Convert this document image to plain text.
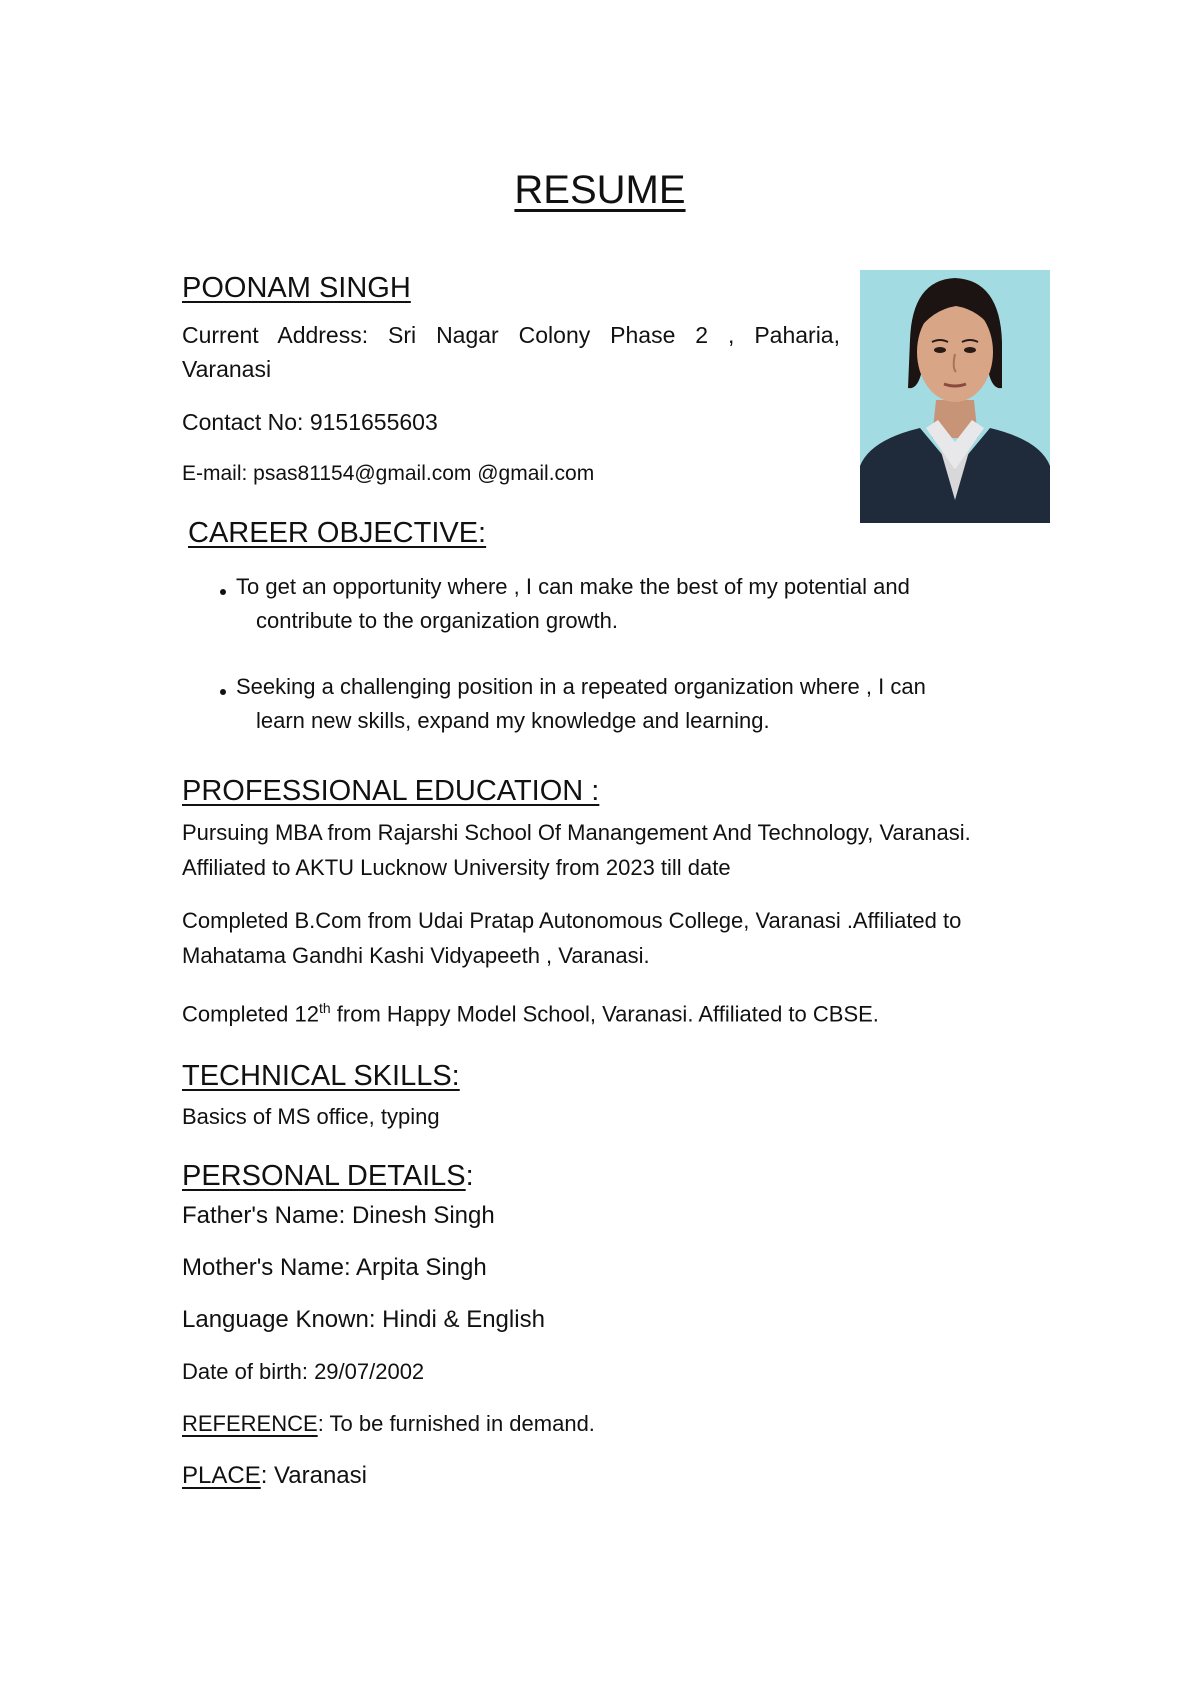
RESUME
POONAM SINGH
Current Address: Sri Nagar Colony Phase 2 , Paharia, Varanasi
Contact No: 9151655603
E-mail: psas81154@gmail.com @gmail.com
CAREER OBJECTIVE:
To get an opportunity where , I can make the best of my potential and
contribute to the organization growth.
Seeking a challenging position in a repeated organization where , I can
learn new skills, expand my knowledge and learning.
PROFESSIONAL EDUCATION :

Pursuing MBA from Rajarshi School Of Manangement And Technology, Varanasi. Affiliated to AKTU Lucknow University from 2023 till date

Completed B.Com from Udai Pratap Autonomous College, Varanasi .Affiliated to Mahatama Gandhi Kashi Vidyapeeth , Varanasi.

Completed 12th from Happy Model School, Varanasi. Affiliated to CBSE.

TECHNICAL SKILLS:
Basics of MS office, typing
PERSONAL DETAILS:
Father's Name: Dinesh Singh
Mother's Name: Arpita Singh
Language Known: Hindi & English
Date of birth: 29/07/2002
REFERENCE: To be furnished in demand.
PLACE: Varanasi
